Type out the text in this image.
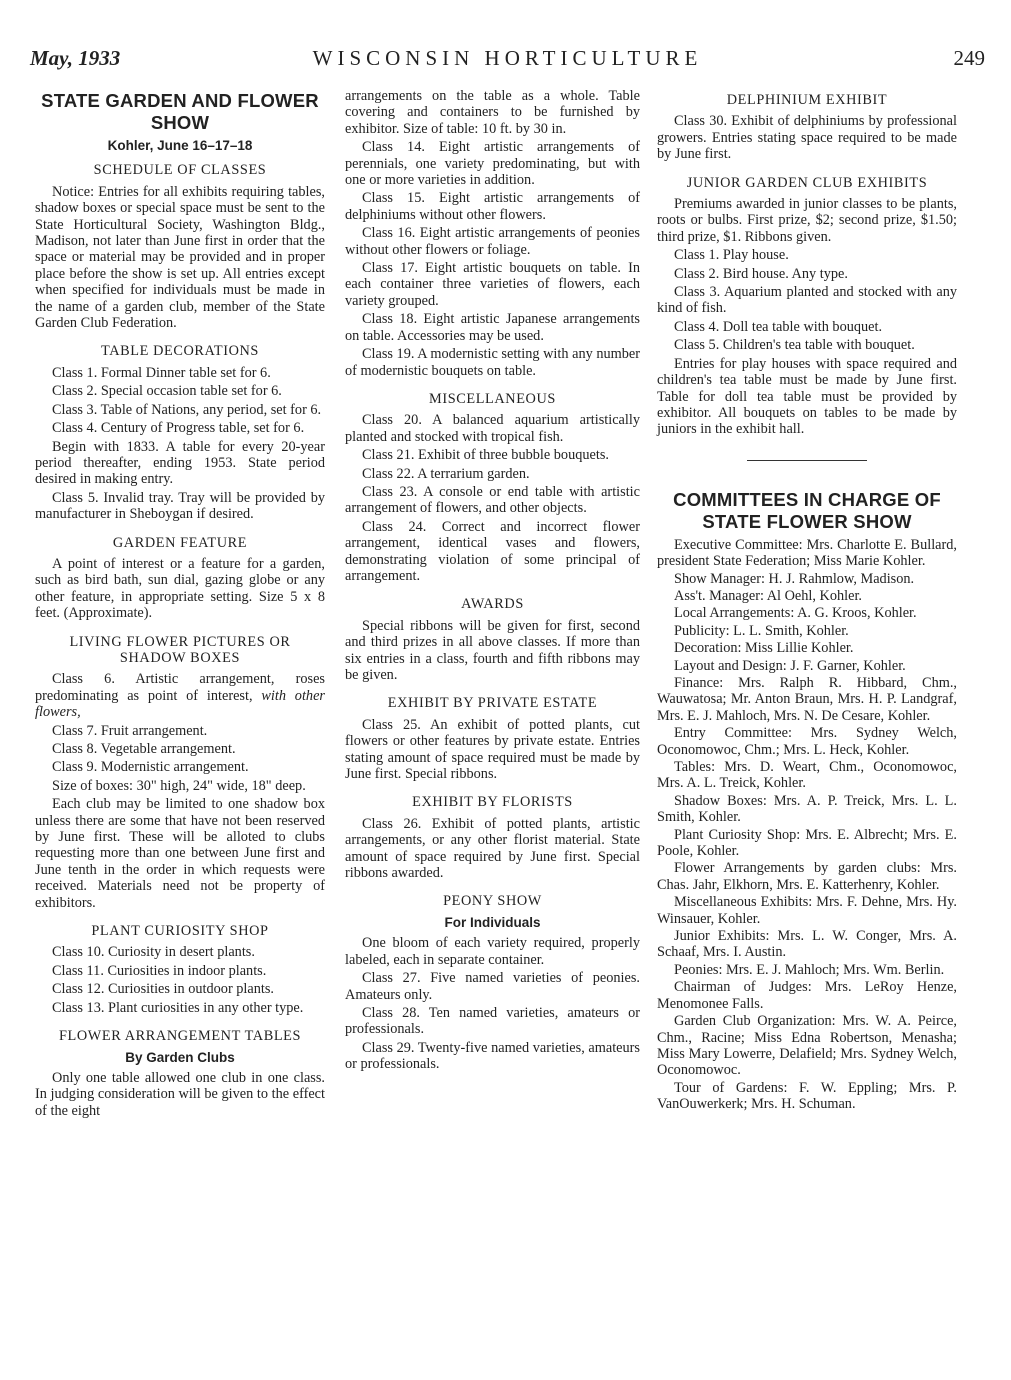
May, 1933	WISCONSIN HORTICULTURE	249
STATE GARDEN AND FLOWER SHOW
Kohler, June 16–17–18
SCHEDULE OF CLASSES

Notice: Entries for all exhibits requiring tables, shadow boxes or special space must be sent to the State Horticultural Society, Washington Bldg., Madison, not later than June first in order that the space or material may be provided and in proper place before the show is set up. All entries except when specified for individuals must be made in the name of a garden club, member of the State Garden Club Federation.

TABLE DECORATIONS

Class 1. Formal Dinner table set for 6.

Class 2. Special occasion table set for 6.

Class 3. Table of Nations, any period, set for 6.

Class 4. Century of Progress table, set for 6.

Begin with 1833. A table for every 20-year period thereafter, ending 1953. State period desired in making entry.

Class 5. Invalid tray. Tray will be provided by manufacturer in Sheboygan if desired.

GARDEN FEATURE

A point of interest or a feature for a garden, such as bird bath, sun dial, gazing globe or any other feature, in appropriate setting. Size 5 x 8 feet. (Approximate).

LIVING FLOWER PICTURES OR SHADOW BOXES

Class 6. Artistic arrangement, roses predominating as point of interest, with other flowers,

Class 7. Fruit arrangement.

Class 8. Vegetable arrangement.

Class 9. Modernistic arrangement.

Size of boxes: 30" high, 24" wide, 18" deep.

Each club may be limited to one shadow box unless there are some that have not been reserved by June first. These will be alloted to clubs requesting more than one between June first and June tenth in the order in which requests were received. Materials need not be property of exhibitors.

PLANT CURIOSITY SHOP

Class 10. Curiosity in desert plants.

Class 11. Curiosities in indoor plants.

Class 12. Curiosities in outdoor plants.

Class 13. Plant curiosities in any other type.

FLOWER ARRANGEMENT TABLES
By Garden Clubs

Only one table allowed one club in one class. In judging consideration will be given to the effect of the eight

arrangements on the table as a whole. Table covering and containers to be furnished by exhibitor. Size of table: 10 ft. by 30 in.

Class 14. Eight artistic arrangements of perennials, one variety predominating, but with one or more varieties in addition.

Class 15. Eight artistic arrangements of delphiniums without other flowers.

Class 16. Eight artistic arrangements of peonies without other flowers or foliage.

Class 17. Eight artistic bouquets on table. In each container three varieties of flowers, each variety grouped.

Class 18. Eight artistic Japanese arrangements on table. Accessories may be used.

Class 19. A modernistic setting with any number of modernistic bouquets on table.

MISCELLANEOUS

Class 20. A balanced aquarium artistically planted and stocked with tropical fish.

Class 21. Exhibit of three bubble bouquets.

Class 22. A terrarium garden.

Class 23. A console or end table with artistic arrangement of flowers, and other objects.

Class 24. Correct and incorrect flower arrangement, identical vases and flowers, demonstrating violation of some principal of arrangement.

AWARDS

Special ribbons will be given for first, second and third prizes in all above classes. If more than six entries in a class, fourth and fifth ribbons may be given.

EXHIBIT BY PRIVATE ESTATE

Class 25. An exhibit of potted plants, cut flowers or other features by private estate. Entries stating amount of space required must be made by June first. Special ribbons.

EXHIBIT BY FLORISTS

Class 26. Exhibit of potted plants, artistic arrangements, or any other florist material. State amount of space required by June first. Special ribbons awarded.

PEONY SHOW
For Individuals

One bloom of each variety required, properly labeled, each in separate container.

Class 27. Five named varieties of peonies. Amateurs only.

Class 28. Ten named varieties, amateurs or professionals.

Class 29. Twenty-five named varieties, amateurs or professionals.

DELPHINIUM EXHIBIT

Class 30. Exhibit of delphiniums by professional growers. Entries stating space required to be made by June first.

JUNIOR GARDEN CLUB EXHIBITS

Premiums awarded in junior classes to be plants, roots or bulbs. First prize, $2; second prize, $1.50; third prize, $1. Ribbons given.

Class 1. Play house.

Class 2. Bird house. Any type.

Class 3. Aquarium planted and stocked with any kind of fish.

Class 4. Doll tea table with bouquet.

Class 5. Children's tea table with bouquet.

Entries for play houses with space required and children's tea table must be made by June first. Table for doll tea table must be provided by exhibitor. All bouquets on tables to be made by juniors in the exhibit hall.

COMMITTEES IN CHARGE OF STATE FLOWER SHOW

Executive Committee: Mrs. Charlotte E. Bullard, president State Federation; Miss Marie Kohler.

Show Manager: H. J. Rahmlow, Madison.

Ass't. Manager: Al Oehl, Kohler.

Local Arrangements: A. G. Kroos, Kohler.

Publicity: L. L. Smith, Kohler.

Decoration: Miss Lillie Kohler.

Layout and Design: J. F. Garner, Kohler.

Finance: Mrs. Ralph R. Hibbard, Chm., Wauwatosa; Mr. Anton Braun, Mrs. H. P. Landgraf, Mrs. E. J. Mahloch, Mrs. N. De Cesare, Kohler.

Entry Committee: Mrs. Sydney Welch, Oconomowoc, Chm.; Mrs. L. Heck, Kohler.

Tables: Mrs. D. Weart, Chm., Oconomowoc, Mrs. A. L. Treick, Kohler.

Shadow Boxes: Mrs. A. P. Treick, Mrs. L. L. Smith, Kohler.

Plant Curiosity Shop: Mrs. E. Albrecht; Mrs. E. Poole, Kohler.

Flower Arrangements by garden clubs: Mrs. Chas. Jahr, Elkhorn, Mrs. E. Katterhenry, Kohler.

Miscellaneous Exhibits: Mrs. F. Dehne, Mrs. Hy. Winsauer, Kohler.

Junior Exhibits: Mrs. L. W. Conger, Mrs. A. Schaaf, Mrs. I. Austin.

Peonies: Mrs. E. J. Mahloch; Mrs. Wm. Berlin.

Chairman of Judges: Mrs. LeRoy Henze, Menomonee Falls.

Garden Club Organization: Mrs. W. A. Peirce, Chm., Racine; Miss Edna Robertson, Menasha; Miss Mary Lowerre, Delafield; Mrs. Sydney Welch, Oconomowoc.

Tour of Gardens: F. W. Eppling; Mrs. P. VanOuwerkerk; Mrs. H. Schuman.
